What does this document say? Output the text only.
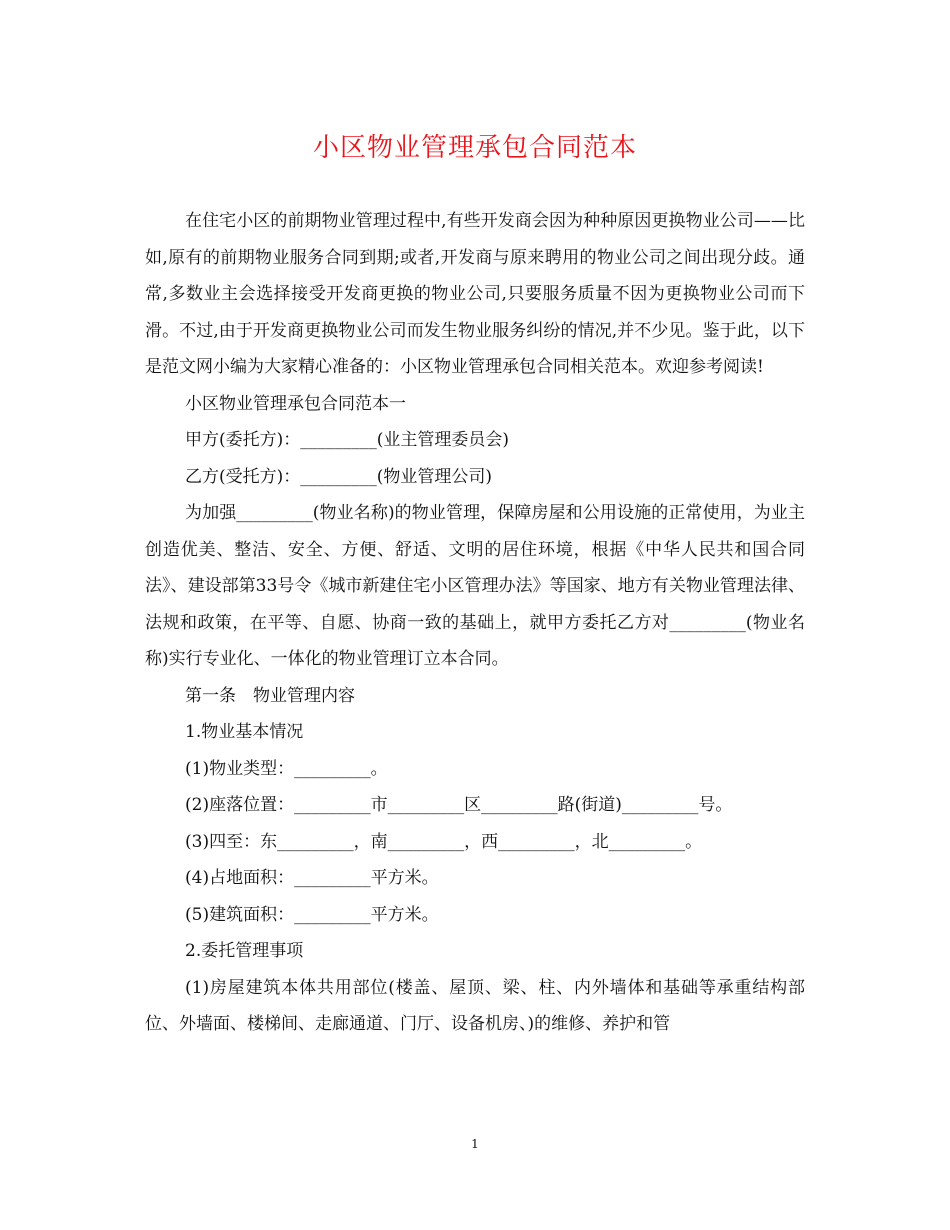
小区物业管理承包合同范本

在住宅小区的前期物业管理过程中,有些开发商会因为种种原因更换物业公司——比如,原有的前期物业服务合同到期;或者,开发商与原来聘用的物业公司之间出现分歧。通常,多数业主会选择接受开发商更换的物业公司,只要服务质量不因为更换物业公司而下滑。不过,由于开发商更换物业公司而发生物业服务纠纷的情况,并不少见。鉴于此，以下是范文网小编为大家精心准备的：小区物业管理承包合同相关范本。欢迎参考阅读!

小区物业管理承包合同范本一

甲方(委托方)：_________(业主管理委员会)

乙方(受托方)：_________(物业管理公司)

为加强_________(物业名称)的物业管理，保障房屋和公用设施的正常使用，为业主创造优美、整洁、安全、方便、舒适、文明的居住环境，根据《中华人民共和国合同法》、建设部第33号令《城市新建住宅小区管理办法》等国家、地方有关物业管理法律、法规和政策，在平等、自愿、协商一致的基础上，就甲方委托乙方对_________(物业名称)实行专业化、一体化的物业管理订立本合同。

第一条　物业管理内容

1.物业基本情况

(1)物业类型：_________。

(2)座落位置：_________市_________区_________路(街道)_________号。

(3)四至：东_________，南_________，西_________，北_________。

(4)占地面积：_________平方米。

(5)建筑面积：_________平方米。

2.委托管理事项

(1)房屋建筑本体共用部位(楼盖、屋顶、梁、柱、内外墙体和基础等承重结构部位、外墙面、楼梯间、走廊通道、门厅、设备机房、)的维修、养护和管

1
